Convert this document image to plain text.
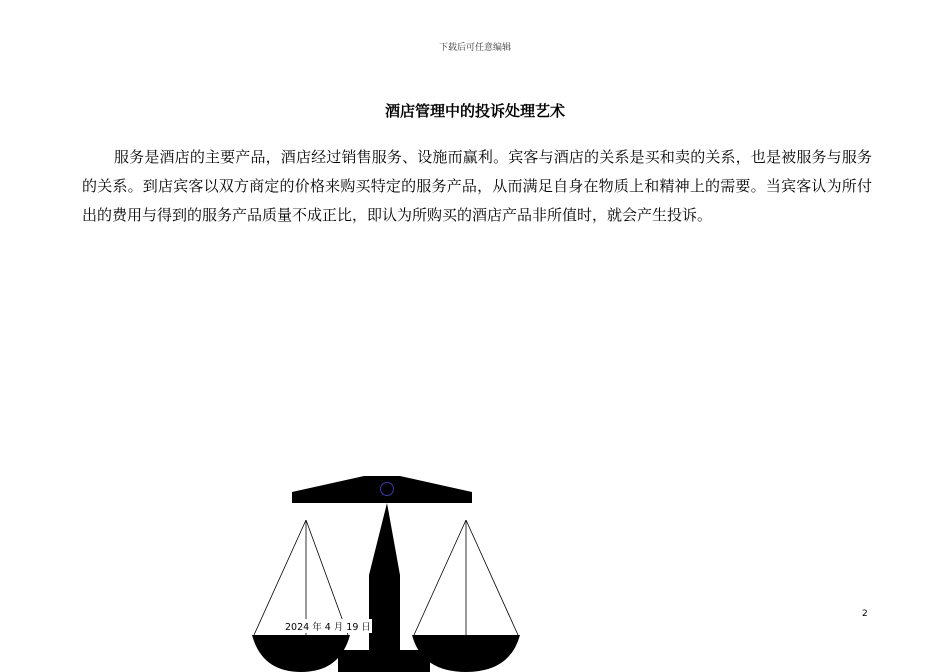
下载后可任意编辑
酒店管理中的投诉处理艺术

服务是酒店的主要产品，酒店经过销售服务、设施而赢利。宾客与酒店的关系是买和卖的关系，也是被服务与服务的关系。到店宾客以双方商定的价格来购买特定的服务产品，从而满足自身在物质上和精神上的需要。当宾客认为所付出的费用与得到的服务产品质量不成正比，即认为所购买的酒店产品非所值时，就会产生投诉。

2024 年 4 月 19 日
2
